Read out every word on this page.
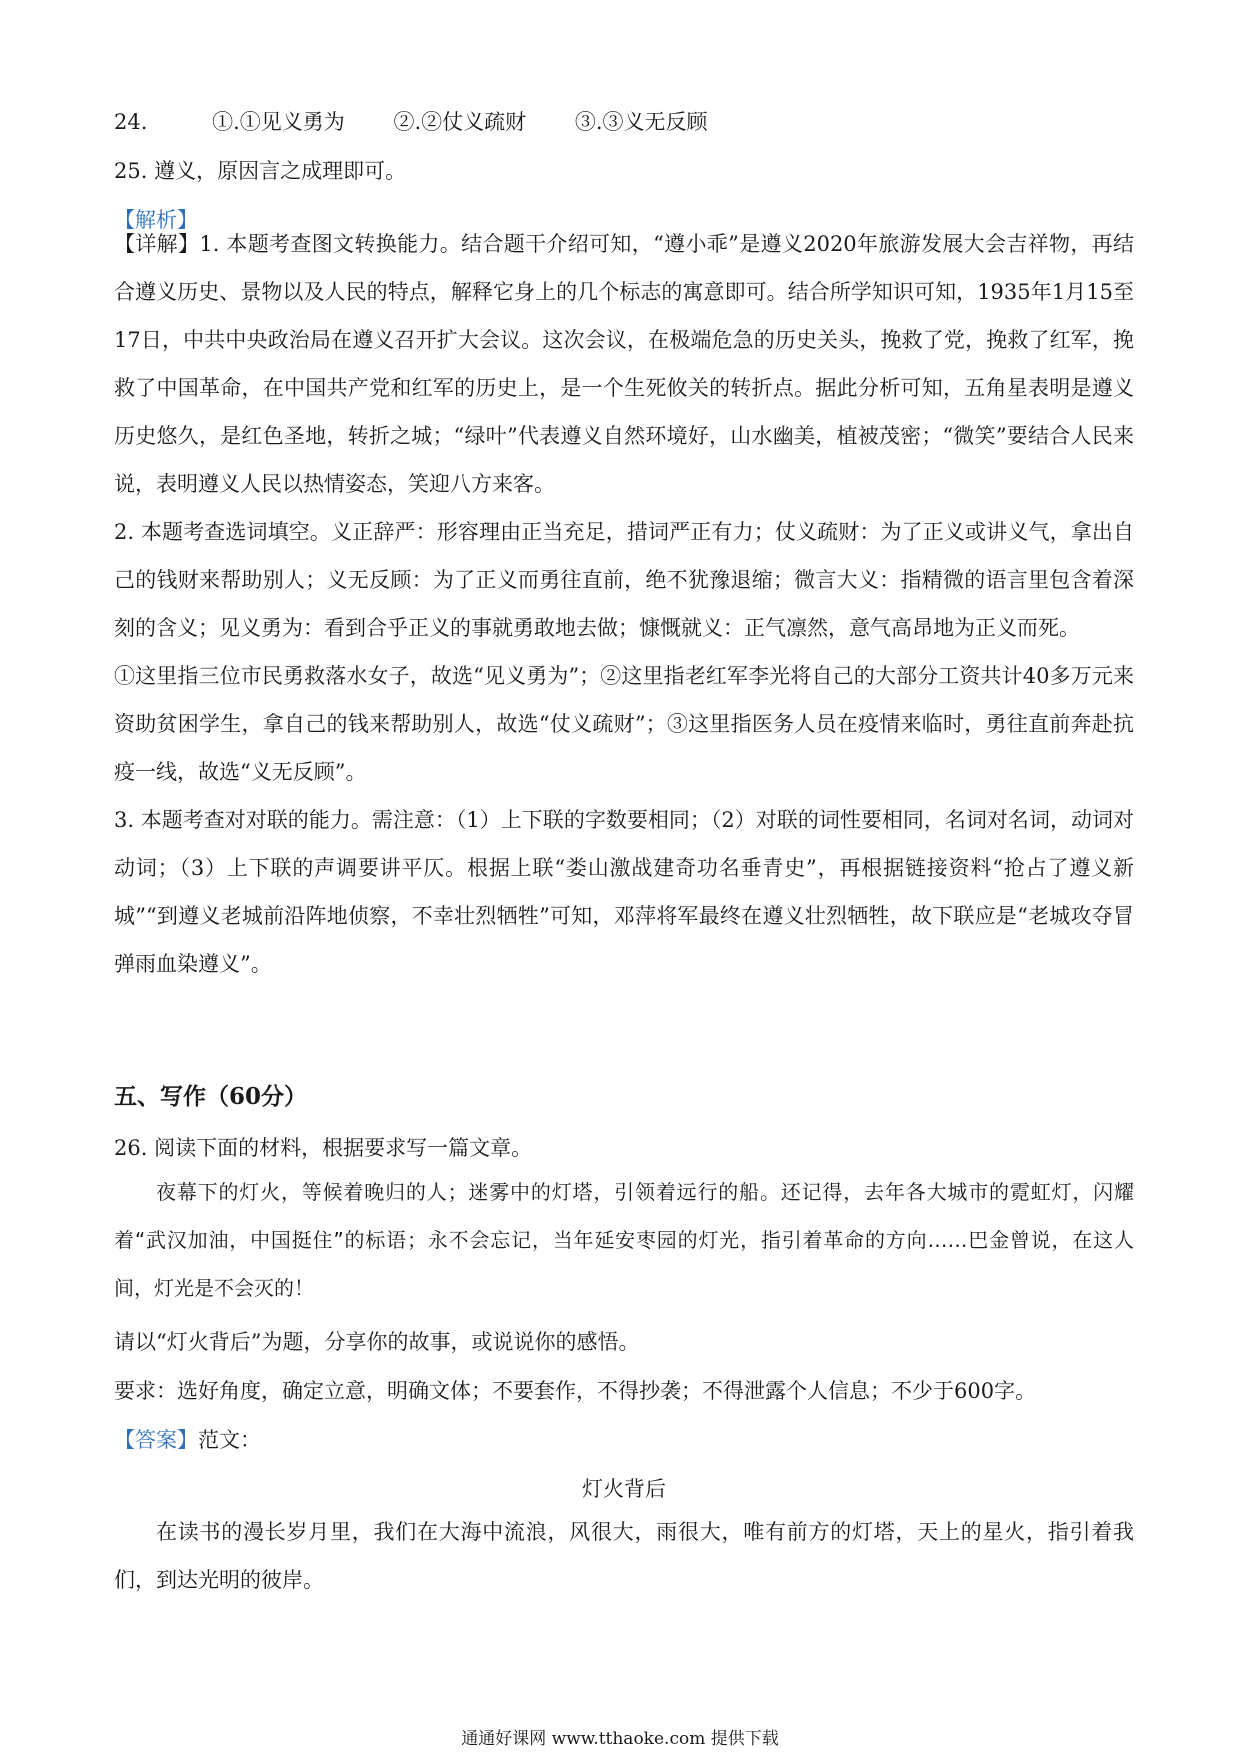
24.	①.①见义勇为 ②.②仗义疏财 ③.③义无反顾
25. 遵义，原因言之成理即可。
【解析】
【详解】1. 本题考查图文转换能力。结合题干介绍可知，“遵小乖”是遵义2020年旅游发展大会吉祥物，再结合遵义历史、景物以及人民的特点，解释它身上的几个标志的寓意即可。结合所学知识可知，1935年1月15至17日，中共中央政治局在遵义召开扩大会议。这次会议，在极端危急的历史关头，挽救了党，挽救了红军，挽救了中国革命，在中国共产党和红军的历史上，是一个生死攸关的转折点。据此分析可知，五角星表明是遵义历史悠久，是红色圣地，转折之城；“绿叶”代表遵义自然环境好，山水幽美，植被茂密；“微笑”要结合人民来说，表明遵义人民以热情姿态，笑迎八方来客。
2. 本题考查选词填空。义正辞严：形容理由正当充足，措词严正有力；仗义疏财：为了正义或讲义气，拿出自己的钱财来帮助别人；义无反顾：为了正义而勇往直前，绝不犹豫退缩；微言大义：指精微的语言里包含着深刻的含义；见义勇为：看到合乎正义的事就勇敢地去做；慷慨就义：正气凛然，意气高昂地为正义而死。
①这里指三位市民勇救落水女子，故选“见义勇为”；②这里指老红军李光将自己的大部分工资共计40多万元来资助贫困学生，拿自己的钱来帮助别人，故选“仗义疏财”；③这里指医务人员在疫情来临时，勇往直前奔赴抗疫一线，故选“义无反顾”。
3. 本题考查对对联的能力。需注意：（1）上下联的字数要相同；（2）对联的词性要相同，名词对名词，动词对动词；（3）上下联的声调要讲平仄。根据上联“娄山激战建奇功名垂青史”，再根据链接资料“抢占了遵义新城”“到遵义老城前沿阵地侦察，不幸壮烈牺牲”可知，邓萍将军最终在遵义壮烈牺牲，故下联应是“老城攻夺冒弹雨血染遵义”。
五、写作（60分）
26. 阅读下面的材料，根据要求写一篇文章。
夜幕下的灯火，等候着晚归的人；迷雾中的灯塔，引领着远行的船。还记得，去年各大城市的霓虹灯，闪耀着“武汉加油，中国挺住”的标语；永不会忘记，当年延安枣园的灯光，指引着革命的方向……巴金曾说，在这人间，灯光是不会灭的！
请以“灯火背后”为题，分享你的故事，或说说你的感悟。
要求：选好角度，确定立意，明确文体；不要套作，不得抄袭；不得泄露个人信息；不少于600字。
【答案】范文：
灯火背后
在读书的漫长岁月里，我们在大海中流浪，风很大，雨很大，唯有前方的灯塔，天上的星火，指引着我们，到达光明的彼岸。
通通好课网 www.tthaoke.com 提供下载
